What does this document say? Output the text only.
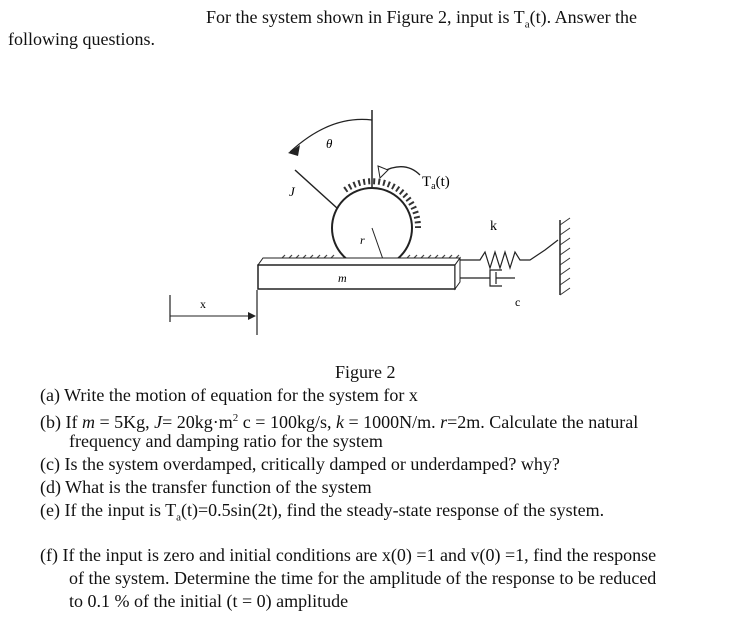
For the system shown in Figure 2, input is $T_a(t)$. Answer the
following questions.
θ
J
r
$T_a(t)$
m
k
c
x
Figure 2
(a) Write the motion of equation for the system for x
(b) If m = 5Kg, $J= 20kg\cdot m^2$ c = 100kg/s, k = 1000N/m. r=2m. Calculate the natural
frequency and damping ratio for the system
(c) Is the system overdamped, critically damped or underdamped? why?
(d) What is the transfer function of the system
(e) If the input is $T_a(t)=0.5\sin(2t)$, find the steady-state response of the system.
(f) If the input is zero and initial conditions are x(0) =1 and v(0) =1, find the response
of the system. Determine the time for the amplitude of the response to be reduced
to 0.1 % of the initial (t = 0) amplitude
